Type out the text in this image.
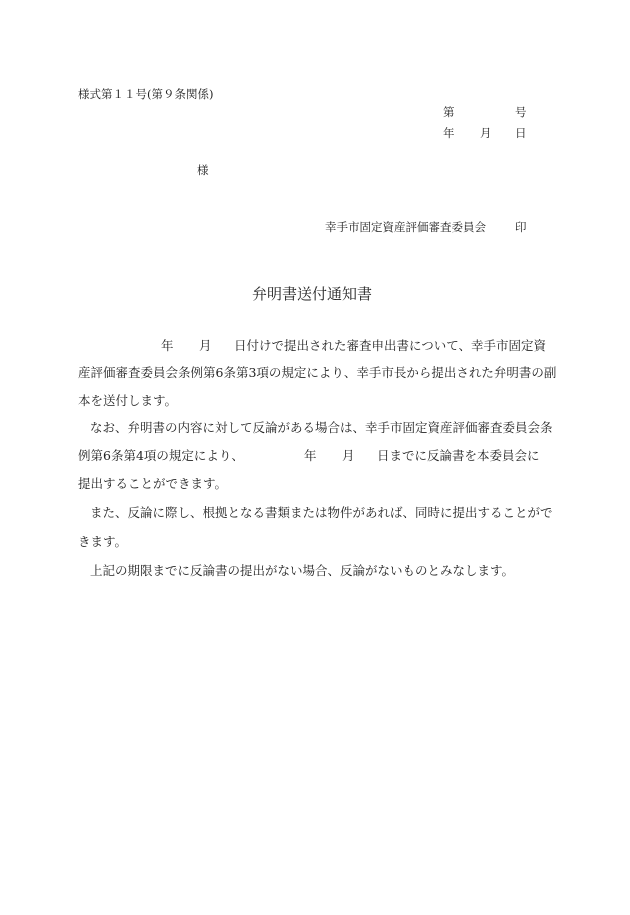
様式第１１号(第９条関係)
第	号
年 月 日
様
幸手市固定資産評価審査委員会	印
弁明書送付通知書
年 月 日付けで提出された審査申出書について、幸手市固定資
産評価審査委員会条例第6条第3項の規定により、幸手市長から提出された弁明書の副
本を送付します。
なお、弁明書の内容に対して反論がある場合は、幸手市固定資産評価審査委員会条
例第6条第4項の規定により、	年 月 日までに反論書を本委員会に
提出することができます。
また、反論に際し、根拠となる書類または物件があれば、同時に提出することがで
きます。
上記の期限までに反論書の提出がない場合、反論がないものとみなします。
